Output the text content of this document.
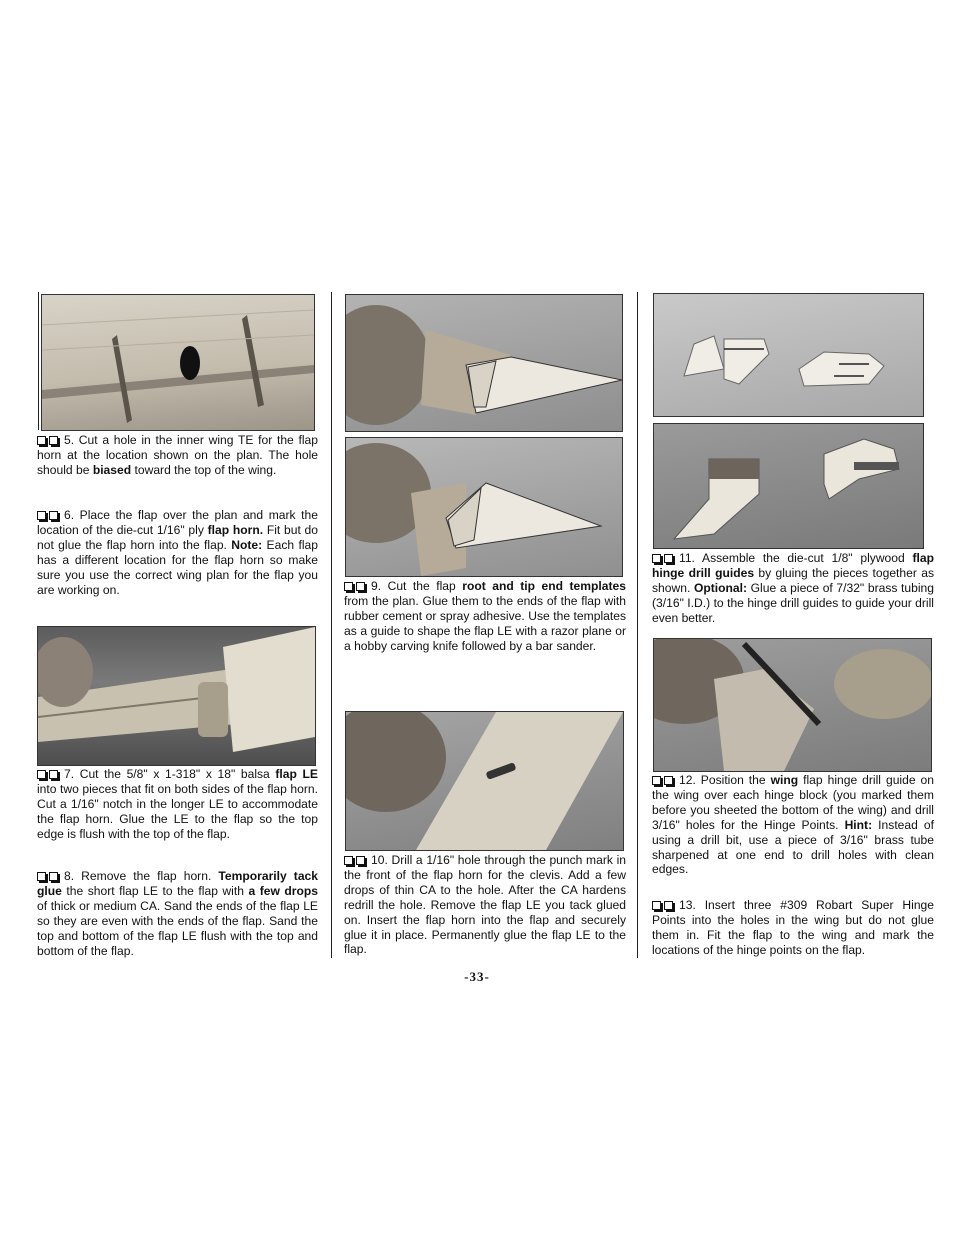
5. Cut a hole in the inner wing TE for the flap horn at the location shown on the plan. The hole should be biased toward the top of the wing.

6. Place the flap over the plan and mark the location of the die-cut 1/16" ply flap horn. Fit but do not glue the flap horn into the flap. Note: Each flap has a different location for the flap horn so make sure you use the correct wing plan for the flap you are working on.

7. Cut the 5/8" x 1-318" x 18" balsa flap LE into two pieces that fit on both sides of the flap horn. Cut a 1/16" notch in the longer LE to accommodate the flap horn. Glue the LE to the flap so the top edge is flush with the top of the flap.

8. Remove the flap horn. Temporarily tack glue the short flap LE to the flap with a few drops of thick or medium CA. Sand the ends of the flap LE so they are even with the ends of the flap. Sand the top and bottom of the flap LE flush with the top and bottom of the flap.

9. Cut the flap root and tip end templates from the plan. Glue them to the ends of the flap with rubber cement or spray adhesive. Use the templates as a guide to shape the flap LE with a razor plane or a hobby carving knife followed by a bar sander.

10. Drill a 1/16" hole through the punch mark in the front of the flap horn for the clevis. Add a few drops of thin CA to the hole. After the CA hardens redrill the hole. Remove the flap LE you tack glued on. Insert the flap horn into the flap and securely glue it in place. Permanently glue the flap LE to the flap.

11. Assemble the die-cut 1/8" plywood flap hinge drill guides by gluing the pieces together as shown. Optional: Glue a piece of 7/32" brass tubing (3/16" I.D.) to the hinge drill guides to guide your drill even better.

12. Position the wing flap hinge drill guide on the wing over each hinge block (you marked them before you sheeted the bottom of the wing) and drill 3/16" holes for the Hinge Points. Hint: Instead of using a drill bit, use a piece of 3/16" brass tube sharpened at one end to drill holes with clean edges.

13. Insert three #309 Robart Super Hinge Points into the holes in the wing but do not glue them in. Fit the flap to the wing and mark the locations of the hinge points on the flap.

-33-
